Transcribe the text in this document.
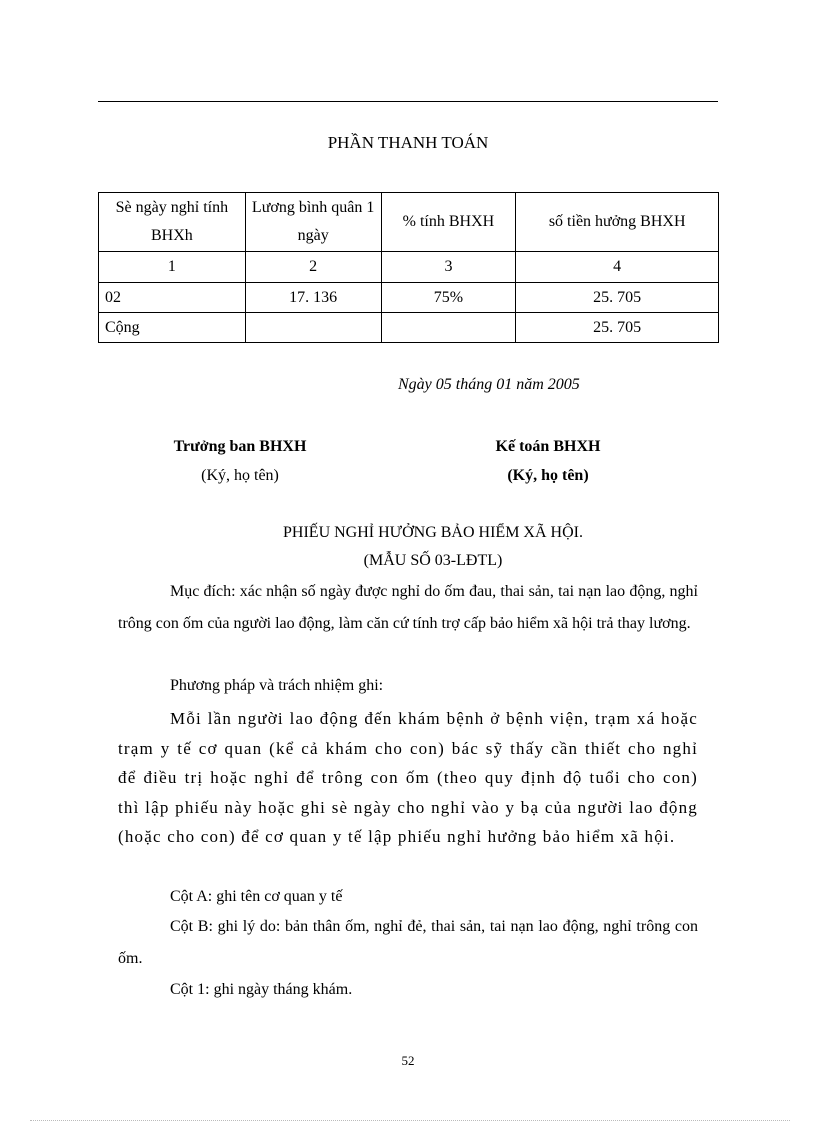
PHẦN THANH TOÁN
Sè ngày nghỉ tính BHXh	Lương bình quân 1 ngày	% tính BHXH	số tiền hưởng BHXH
1	2	3	4
02	17. 136	75%	25. 705
Cộng			25. 705
Ngày 05 tháng 01 năm 2005
Trưởng ban BHXH
(Ký, họ tên)
Kế toán BHXH
(Ký, họ tên)
PHIẾU NGHỈ HƯỞNG BẢO HIỂM XÃ HỘI.
(MẪU SỐ 03-LĐTL)
Mục đích: xác nhận số ngày được nghỉ do ốm đau, thai sản, tai nạn lao động, nghỉ trông con ốm của người lao động, làm căn cứ tính trợ cấp bảo hiểm xã hội trả thay lương.
Phương pháp và trách nhiệm ghi:
Mỗi lần người lao động đến khám bệnh ở bệnh viện, trạm xá hoặc trạm y tế cơ quan (kể cả khám cho con) bác sỹ thấy cần thiết cho nghỉ để điều trị hoặc nghỉ để trông con ốm (theo quy định độ tuổi cho con) thì lập phiếu này hoặc ghi sè ngày cho nghỉ vào y bạ của người lao động (hoặc cho con) để cơ quan y tế lập phiếu nghỉ hưởng bảo hiểm xã hội.
Cột A: ghi tên cơ quan y tế
Cột B: ghi lý do: bản thân ốm, nghỉ đẻ, thai sản, tai nạn lao động, nghỉ trông con ốm.
Cột 1: ghi ngày tháng khám.
52
